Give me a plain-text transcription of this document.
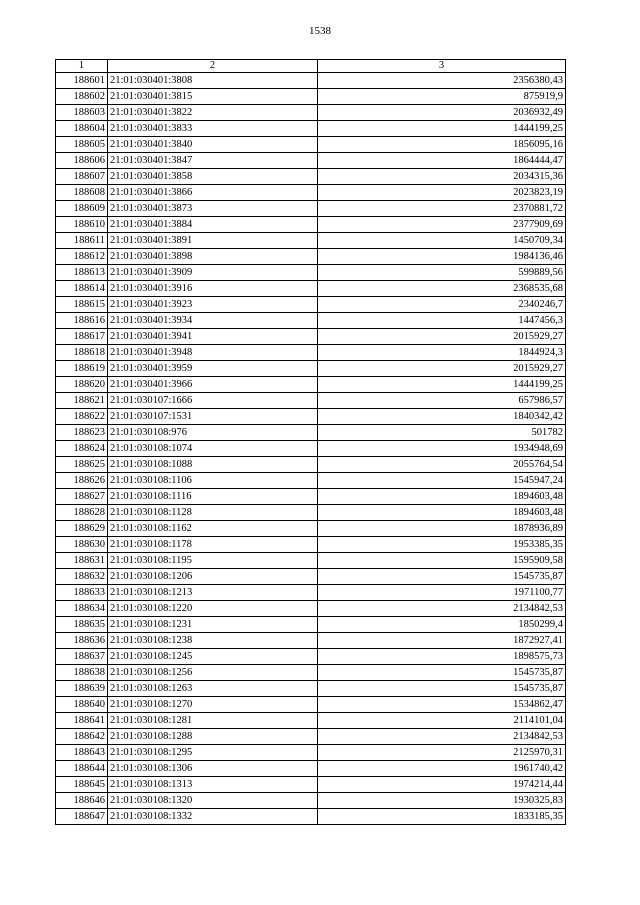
1538
1	2	3
188601	21:01:030401:3808	2356380,43
188602	21:01:030401:3815	875919,9
188603	21:01:030401:3822	2036932,49
188604	21:01:030401:3833	1444199,25
188605	21:01:030401:3840	1856095,16
188606	21:01:030401:3847	1864444,47
188607	21:01:030401:3858	2034315,36
188608	21:01:030401:3866	2023823,19
188609	21:01:030401:3873	2370881,72
188610	21:01:030401:3884	2377909,69
188611	21:01:030401:3891	1450709,34
188612	21:01:030401:3898	1984136,46
188613	21:01:030401:3909	599889,56
188614	21:01:030401:3916	2368535,68
188615	21:01:030401:3923	2340246,7
188616	21:01:030401:3934	1447456,3
188617	21:01:030401:3941	2015929,27
188618	21:01:030401:3948	1844924,3
188619	21:01:030401:3959	2015929,27
188620	21:01:030401:3966	1444199,25
188621	21:01:030107:1666	657986,57
188622	21:01:030107:1531	1840342,42
188623	21:01:030108:976	501782
188624	21:01:030108:1074	1934948,69
188625	21:01:030108:1088	2055764,54
188626	21:01:030108:1106	1545947,24
188627	21:01:030108:1116	1894603,48
188628	21:01:030108:1128	1894603,48
188629	21:01:030108:1162	1878936,89
188630	21:01:030108:1178	1953385,35
188631	21:01:030108:1195	1595909,58
188632	21:01:030108:1206	1545735,87
188633	21:01:030108:1213	1971100,77
188634	21:01:030108:1220	2134842,53
188635	21:01:030108:1231	1850299,4
188636	21:01:030108:1238	1872927,41
188637	21:01:030108:1245	1898575,73
188638	21:01:030108:1256	1545735,87
188639	21:01:030108:1263	1545735,87
188640	21:01:030108:1270	1534862,47
188641	21:01:030108:1281	2114101,04
188642	21:01:030108:1288	2134842,53
188643	21:01:030108:1295	2125970,31
188644	21:01:030108:1306	1961740,42
188645	21:01:030108:1313	1974214,44
188646	21:01:030108:1320	1930325,83
188647	21:01:030108:1332	1833185,35
